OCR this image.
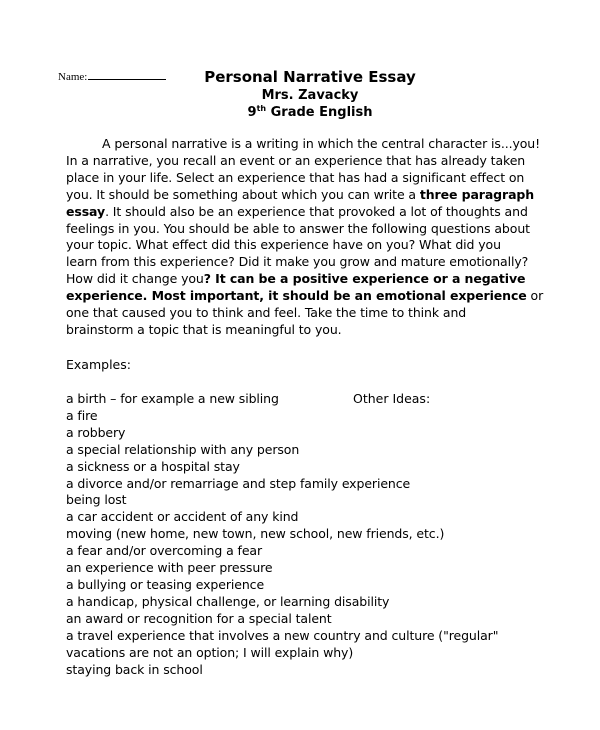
Name:	Personal Narrative Essay
Mrs. Zavacky
9th Grade English

A personal narrative is a writing in which the central character is...you!

In a narrative, you recall an event or an experience that has already taken

place in your life. Select an experience that has had a significant effect on

you. It should be something about which you can write a three paragraph

essay. It should also be an experience that provoked a lot of thoughts and

feelings in you. You should be able to answer the following questions about

your topic. What effect did this experience have on you? What did you

learn from this experience? Did it make you grow and mature emotionally?

How did it change you? It can be a positive experience or a negative

experience. Most important, it should be an emotional experience or

one that caused you to think and feel. Take the time to think and

brainstorm a topic that is meaningful to you.

Examples:
a birth – for example a new sibling
a fire
a robbery
a special relationship with any person
a sickness or a hospital stay
a divorce and/or remarriage and step family experience
being lost
a car accident or accident of any kind
moving (new home, new town, new school, new friends, etc.)
a fear and/or overcoming a fear
an experience with peer pressure
a bullying or teasing experience
a handicap, physical challenge, or learning disability
an award or recognition for a special talent
a travel experience that involves a new country and culture ("regular"
vacations are not an option; I will explain why)
staying back in school
Other Ideas:
